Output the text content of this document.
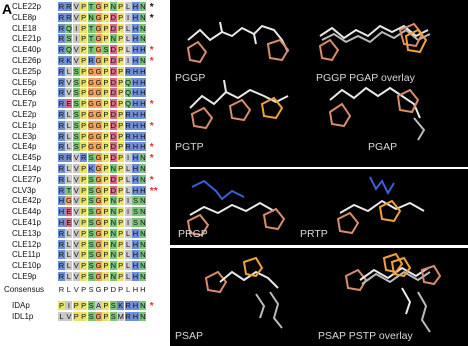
A CLE22p R R V P T G P N P L H N *
CLE8p	R R V P N G P D P I H N *
CLE18	R Q I P T G P D P L H N
CLE21p R S I P T G P N P L H N
CLE40p R Q V P T G S D P L H H *
CLE26p R K V P R G P D P I H N *
CLE25p R L S P G G P D P R H H
CLE5p	R V S P G G P D P Q H H
CLE6p	R V S P G G P D P Q H H
CLE7p	R E S P G G P D P Q H H *
CLE2p	R L S P G G P D P R H H
CLE1p	R L S P G G P D P R H H *
CLE3p	R L S P G G P D P R H H
CLE4p	R L S P G G P D P R H H *
CLE45p R R V R S G P D P I H N *
CLE14p R L V P K G P N P L H N
CLE27p R L V P S G P D P L H N *
CLV3p	R T V P S G P D P L H H **
CLE42p H G V P S G P N P I S N
CLE44p H E V P S G P N P I S N
CLE41p H E V P S G P N P I S N
CLE13p R L V P S G P N P L H N
CLE12p R L V P S G P N P L H N
CLE11p R L V P S G P N P L H N
CLE10p R L V P S G P N P L H N
CLE9p	R L V P S G P N P L H N
Consensus R L V P S G P D P L H H
IDAp	P I P P S A P S K R H N *
IDL1p	L V P P S G P S M R H N
B
PGGP	PGGP PGAP overlay
PGTP	PGAP
C
PRGP	PRTP
D
PSAP	PSAP PSTP overlay
